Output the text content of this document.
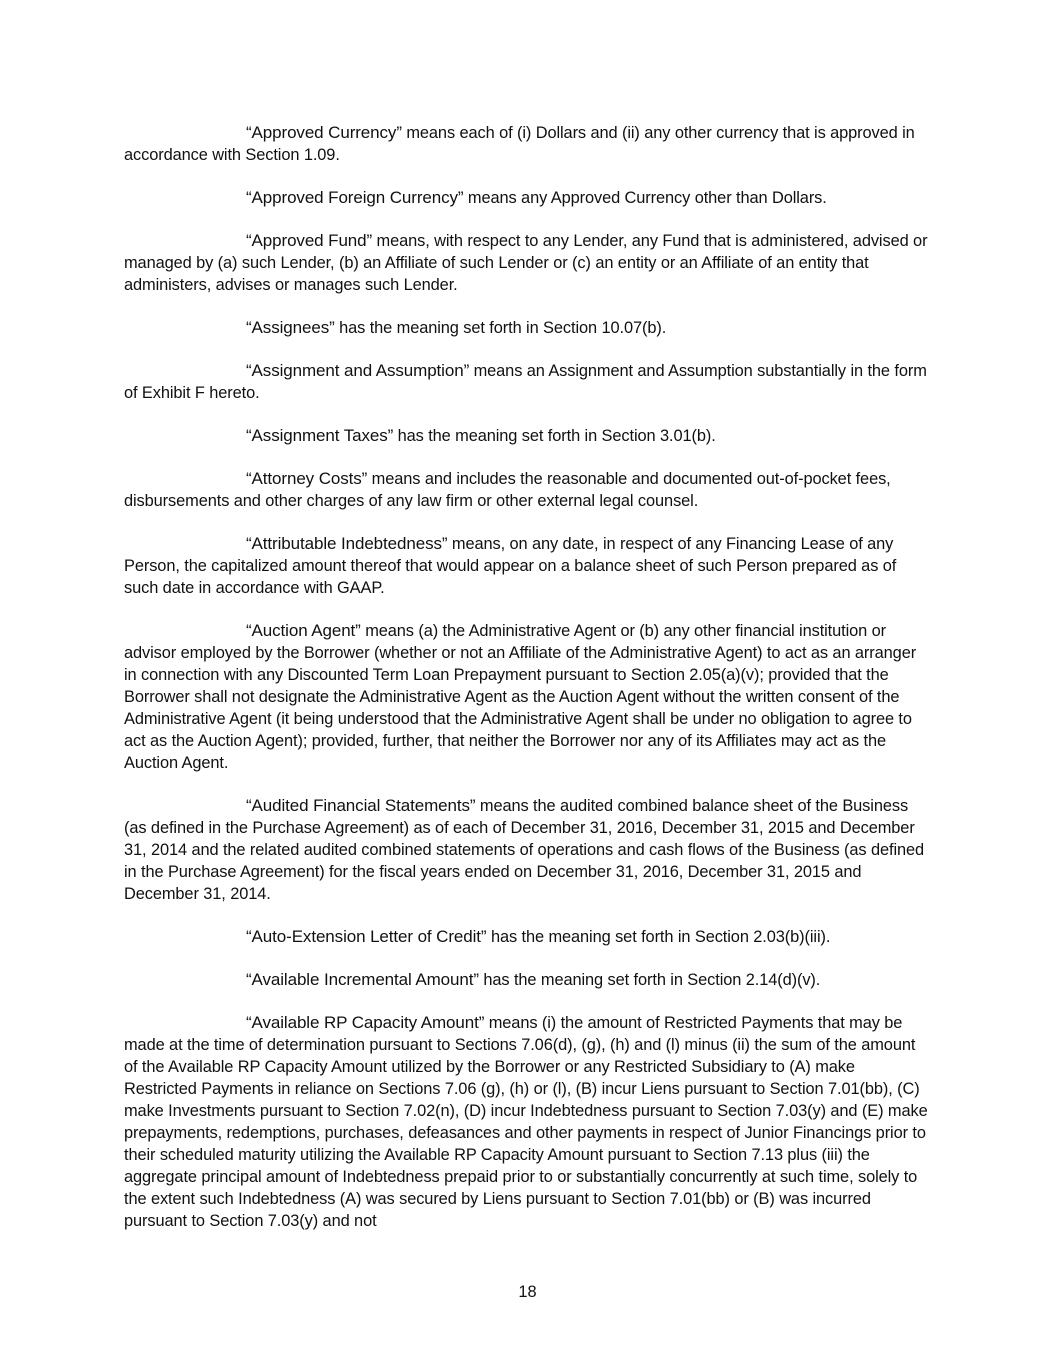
“Approved Currency” means each of (i) Dollars and (ii) any other currency that is approved in accordance with Section 1.09.

“Approved Foreign Currency” means any Approved Currency other than Dollars.

“Approved Fund” means, with respect to any Lender, any Fund that is administered, advised or managed by (a) such Lender, (b) an Affiliate of such Lender or (c) an entity or an Affiliate of an entity that administers, advises or manages such Lender.

“Assignees” has the meaning set forth in Section 10.07(b).

“Assignment and Assumption” means an Assignment and Assumption substantially in the form of Exhibit F hereto.

“Assignment Taxes” has the meaning set forth in Section 3.01(b).

“Attorney Costs” means and includes the reasonable and documented out-of-pocket fees, disbursements and other charges of any law firm or other external legal counsel.

“Attributable Indebtedness” means, on any date, in respect of any Financing Lease of any Person, the capitalized amount thereof that would appear on a balance sheet of such Person prepared as of such date in accordance with GAAP.

“Auction Agent” means (a) the Administrative Agent or (b) any other financial institution or advisor employed by the Borrower (whether or not an Affiliate of the Administrative Agent) to act as an arranger in connection with any Discounted Term Loan Prepayment pursuant to Section 2.05(a)(v); provided that the Borrower shall not designate the Administrative Agent as the Auction Agent without the written consent of the Administrative Agent (it being understood that the Administrative Agent shall be under no obligation to agree to act as the Auction Agent); provided, further, that neither the Borrower nor any of its Affiliates may act as the Auction Agent.

“Audited Financial Statements” means the audited combined balance sheet of the Business (as defined in the Purchase Agreement) as of each of December 31, 2016, December 31, 2015 and December 31, 2014 and the related audited combined statements of operations and cash flows of the Business (as defined in the Purchase Agreement) for the fiscal years ended on December 31, 2016, December 31, 2015 and December 31, 2014.

“Auto-Extension Letter of Credit” has the meaning set forth in Section 2.03(b)(iii).

“Available Incremental Amount” has the meaning set forth in Section 2.14(d)(v).

“Available RP Capacity Amount” means (i) the amount of Restricted Payments that may be made at the time of determination pursuant to Sections 7.06(d), (g), (h) and (l) minus (ii) the sum of the amount of the Available RP Capacity Amount utilized by the Borrower or any Restricted Subsidiary to (A) make Restricted Payments in reliance on Sections 7.06 (g), (h) or (l), (B) incur Liens pursuant to Section 7.01(bb), (C) make Investments pursuant to Section 7.02(n), (D) incur Indebtedness pursuant to Section 7.03(y) and (E) make prepayments, redemptions, purchases, defeasances and other payments in respect of Junior Financings prior to their scheduled maturity utilizing the Available RP Capacity Amount pursuant to Section 7.13 plus (iii) the aggregate principal amount of Indebtedness prepaid prior to or substantially concurrently at such time, solely to the extent such Indebtedness (A) was secured by Liens pursuant to Section 7.01(bb) or (B) was incurred pursuant to Section 7.03(y) and not

18
